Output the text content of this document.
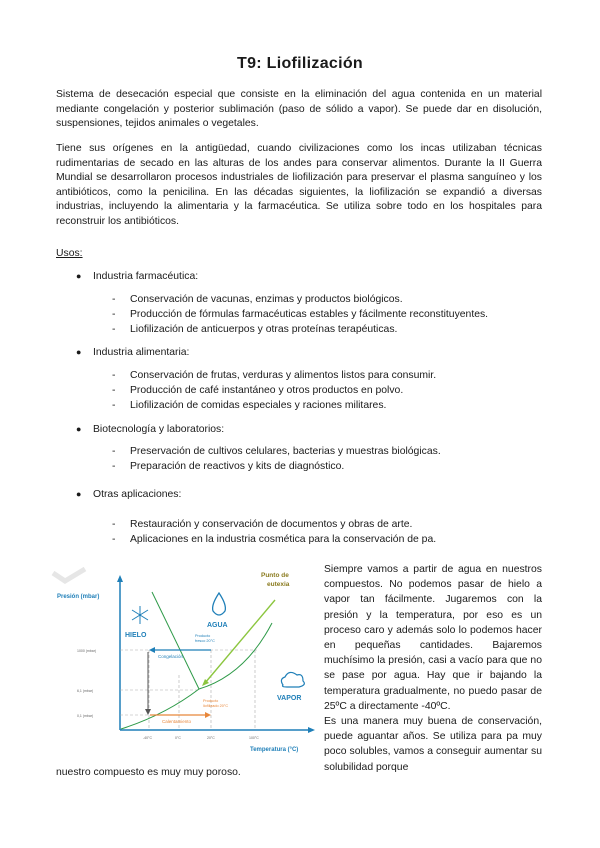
T9: Liofilización
Sistema de desecación especial que consiste en la eliminación del agua contenida en un material mediante congelación y posterior sublimación (paso de sólido a vapor). Se puede dar en disolución, suspensiones, tejidos animales o vegetales.
Tiene sus orígenes en la antigüedad, cuando civilizaciones como los incas utilizaban técnicas rudimentarias de secado en las alturas de los andes para conservar alimentos. Durante la II Guerra Mundial se desarrollaron procesos industriales de liofilización para preservar el plasma sanguíneo y los antibióticos, como la penicilina. En las décadas siguientes, la liofilización se expandió a diversas industrias, incluyendo la alimentaria y la farmacéutica. Se utiliza sobre todo en los hospitales para reconstruir los antibióticos.
Usos:
● Industria farmacéutica:
- Conservación de vacunas, enzimas y productos biológicos.
- Producción de fórmulas farmacéuticas estables y fácilmente reconstituyentes.
- Liofilización de anticuerpos y otras proteínas terapéuticas.
● Industria alimentaria:
- Conservación de frutas, verduras y alimentos listos para consumir.
- Producción de café instantáneo y otros productos en polvo.
- Liofilización de comidas especiales y raciones militares.
● Biotecnología y laboratorios:
- Preservación de cultivos celulares, bacterias y muestras biológicas.
- Preparación de reactivos y kits de diagnóstico.
● Otras aplicaciones:
- Restauración y conservación de documentos y obras de arte.
- Aplicaciones en la industria cosmética para la conservación de pa.
Presión (mbar)
Temperatura (°C)
1000 (mbar)
6,1 (mbar)
0,1 (mbar)
-40°C	0°C	20°C	100°C
HIELO
AGUA
VAPOR
Punto de
eutexia
Producto
fresco 20°C
Congelación
Producto
liofilizado 20°C
Calentamiento
Siempre vamos a partir de agua en nuestros compuestos. No podemos pasar de hielo a vapor tan fácilmente. Jugaremos con la presión y la temperatura, por eso es un proceso caro y además solo lo podemos hacer en pequeñas cantidades. Bajaremos muchísimo la presión, casi a vacío para que no se pase por agua. Hay que ir bajando la temperatura gradualmente, no puedo pasar de 25ºC a directamente -40ºC.
Es una manera muy buena de conservación, puede aguantar años. Se utiliza para pa muy poco solubles, vamos a conseguir aumentar su solubilidad porque
nuestro compuesto es muy muy poroso.
